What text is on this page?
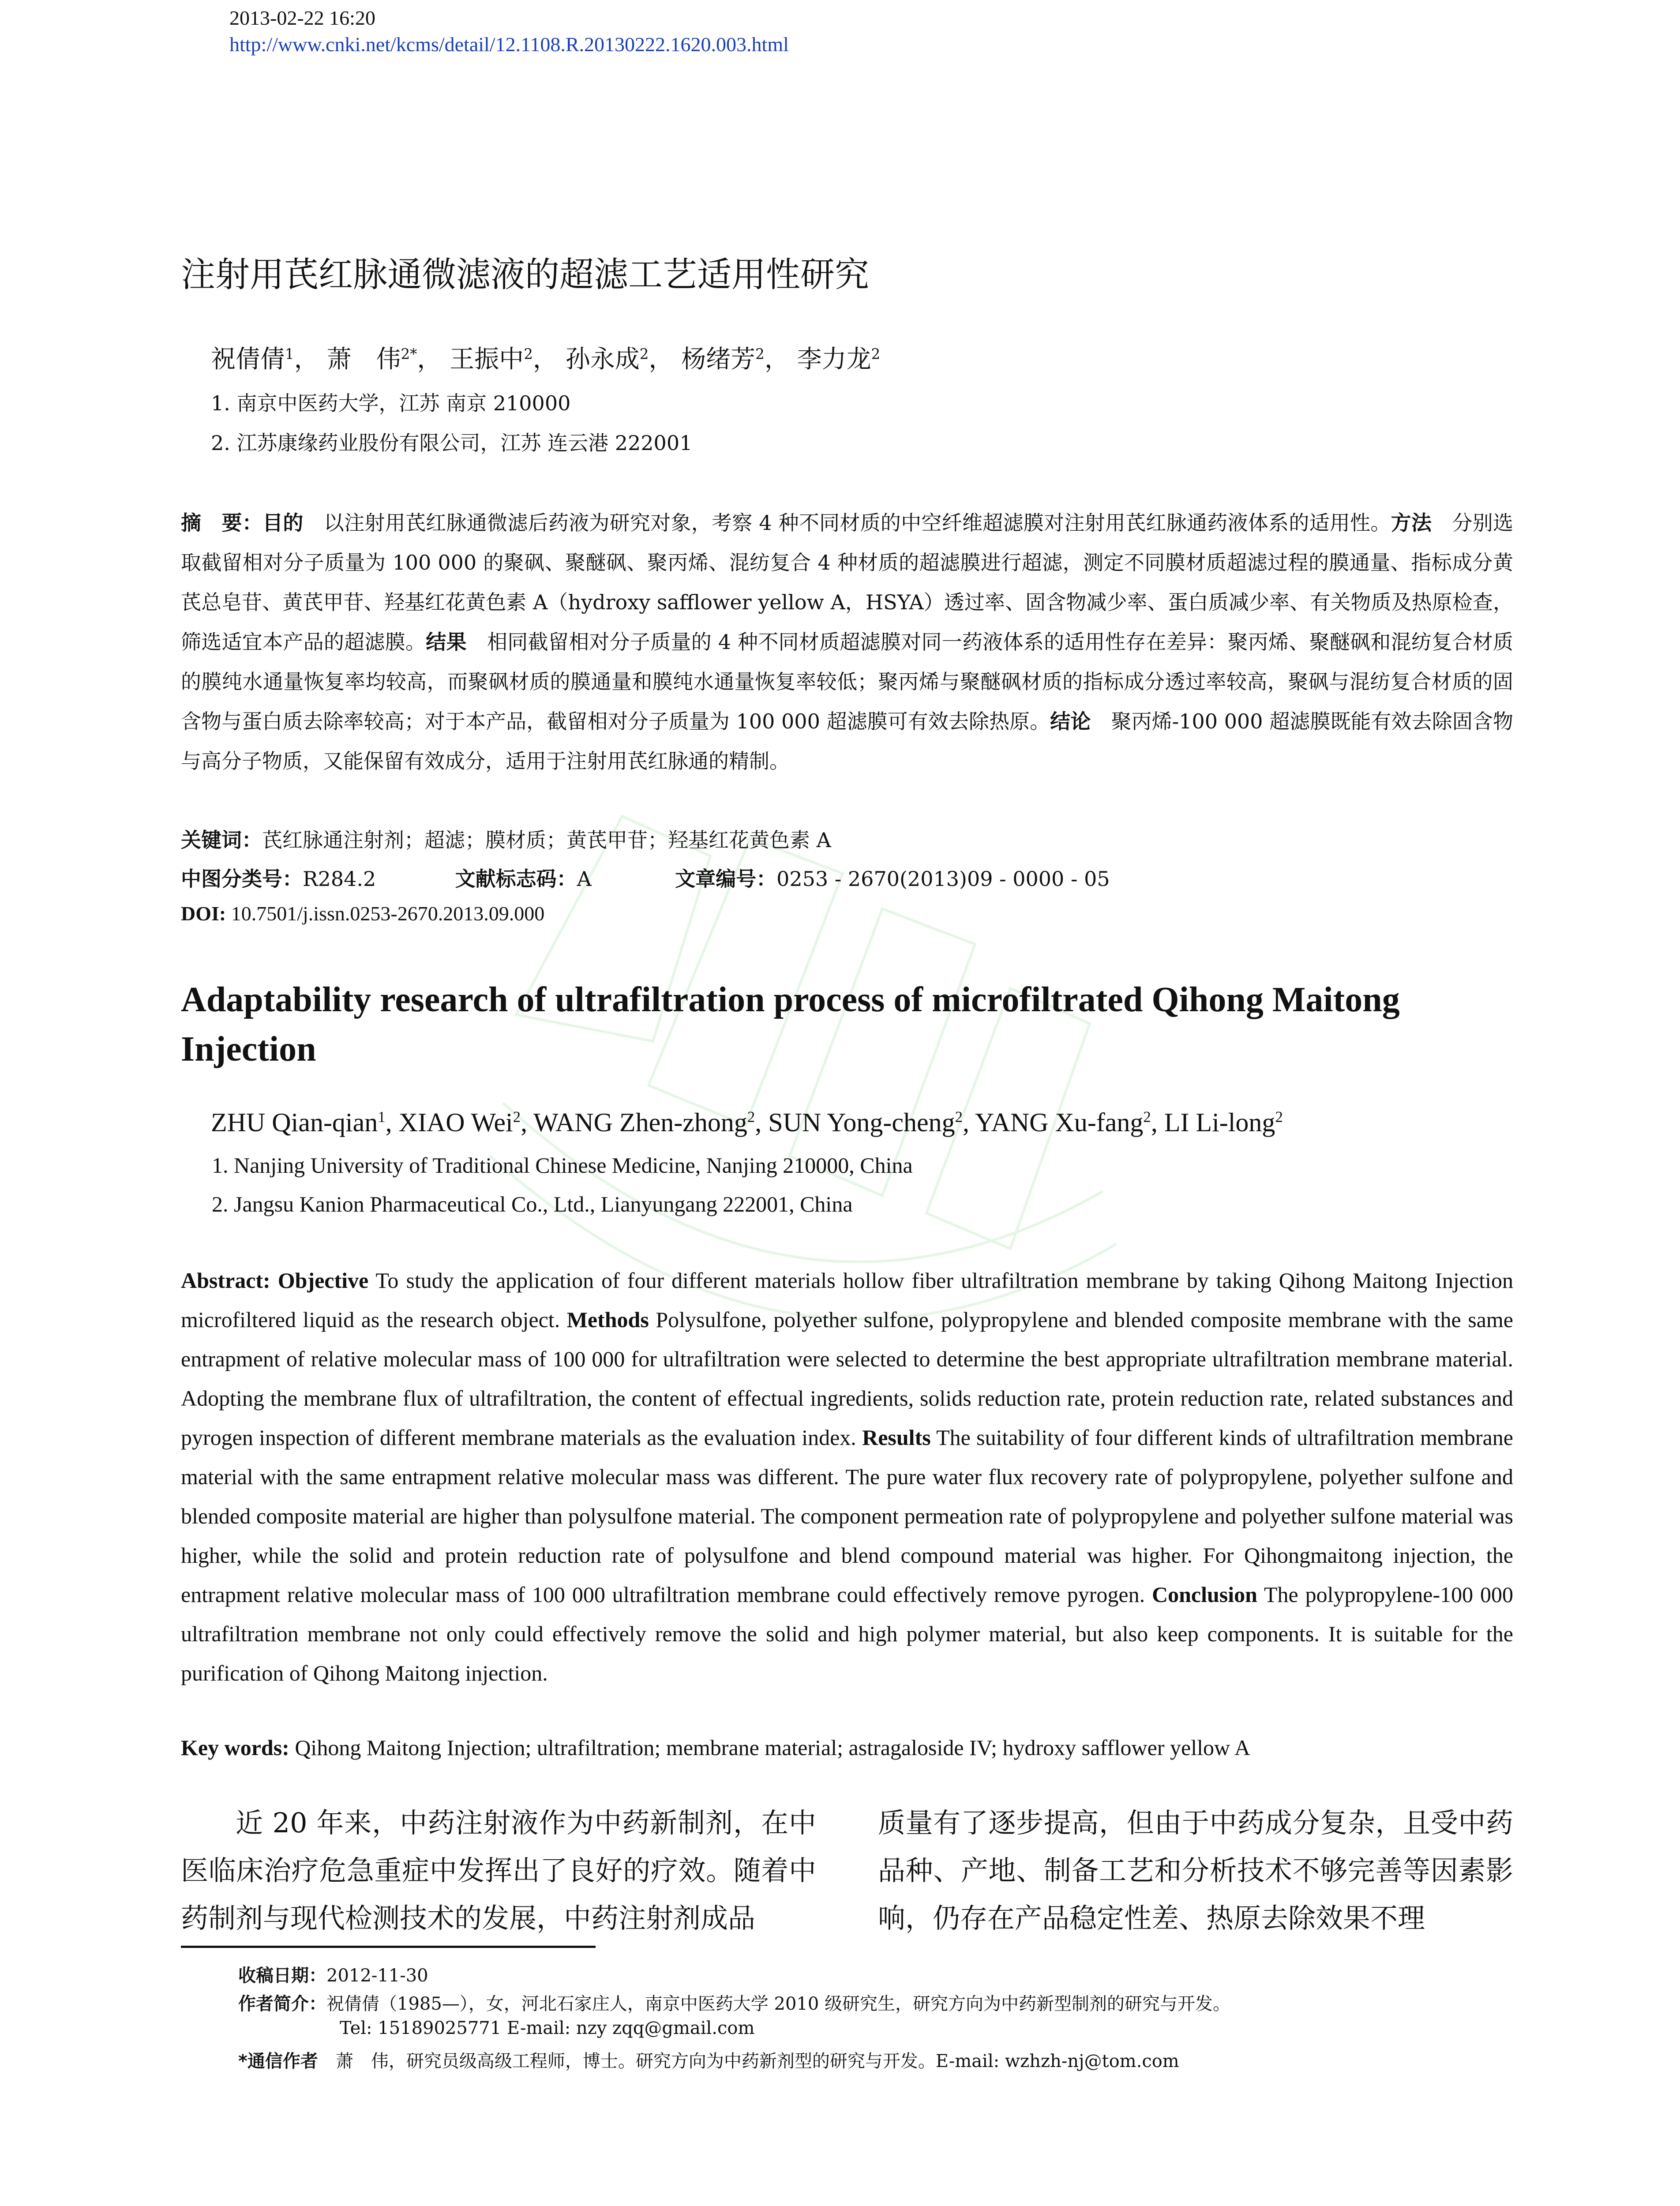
2013-02-22 16:20
http://www.cnki.net/kcms/detail/12.1108.R.20130222.1620.003.html
注射用芪红脉通微滤液的超滤工艺适用性研究
祝倩倩$^1$， 萧　伟$^{2*}$， 王振中$^2$， 孙永成$^2$， 杨绪芳$^2$， 李力龙$^2$
1. 南京中医药大学，江苏 南京 210000
2. 江苏康缘药业股份有限公司，江苏 连云港 222001
摘　要：目的　以注射用芪红脉通微滤后药液为研究对象，考察 4 种不同材质的中空纤维超滤膜对注射用芪红脉通药液体系的适用性。方法　分别选取截留相对分子质量为 100 000 的聚砜、聚醚砜、聚丙烯、混纺复合 4 种材质的超滤膜进行超滤，测定不同膜材质超滤过程的膜通量、指标成分黄芪总皂苷、黄芪甲苷、羟基红花黄色素 A（hydroxy safflower yellow A，HSYA）透过率、固含物减少率、蛋白质减少率、有关物质及热原检查，筛选适宜本产品的超滤膜。结果　相同截留相对分子质量的 4 种不同材质超滤膜对同一药液体系的适用性存在差异：聚丙烯、聚醚砜和混纺复合材质的膜纯水通量恢复率均较高，而聚砜材质的膜通量和膜纯水通量恢复率较低；聚丙烯与聚醚砜材质的指标成分透过率较高，聚砜与混纺复合材质的固含物与蛋白质去除率较高；对于本产品，截留相对分子质量为 100 000 超滤膜可有效去除热原。结论　聚丙烯-100 000 超滤膜既能有效去除固含物与高分子物质，又能保留有效成分，适用于注射用芪红脉通的精制。
关键词：芪红脉通注射剂；超滤；膜材质；黄芪甲苷；羟基红花黄色素 A
中图分类号：R284.2	文献标志码：A	文章编号：0253 - 2670(2013)09 - 0000 - 05
DOI: 10.7501/j.issn.0253-2670.2013.09.000
Adaptability research of ultrafiltration process of microfiltrated Qihong Maitong Injection
ZHU Qian-qian$^1$, XIAO Wei$^2$, WANG Zhen-zhong$^2$, SUN Yong-cheng$^2$, YANG Xu-fang$^2$, LI Li-long$^2$
1. Nanjing University of Traditional Chinese Medicine, Nanjing 210000, China
2. Jangsu Kanion Pharmaceutical Co., Ltd., Lianyungang 222001, China
Abstract: Objective To study the application of four different materials hollow fiber ultrafiltration membrane by taking Qihong Maitong Injection microfiltered liquid as the research object. Methods Polysulfone, polyether sulfone, polypropylene and blended composite membrane with the same entrapment of relative molecular mass of 100 000 for ultrafiltration were selected to determine the best appropriate ultrafiltration membrane material. Adopting the membrane flux of ultrafiltration, the content of effectual ingredients, solids reduction rate, protein reduction rate, related substances and pyrogen inspection of different membrane materials as the evaluation index. Results The suitability of four different kinds of ultrafiltration membrane material with the same entrapment relative molecular mass was different. The pure water flux recovery rate of polypropylene, polyether sulfone and blended composite material are higher than polysulfone material. The component permeation rate of polypropylene and polyether sulfone material was higher, while the solid and protein reduction rate of polysulfone and blend compound material was higher. For Qihongmaitong injection, the entrapment relative molecular mass of 100 000 ultrafiltration membrane could effectively remove pyrogen. Conclusion The polypropylene-100 000 ultrafiltration membrane not only could effectively remove the solid and high polymer material, but also keep components. It is suitable for the purification of Qihong Maitong injection.
Key words: Qihong Maitong Injection; ultrafiltration; membrane material; astragaloside IV; hydroxy safflower yellow A
近 20 年来，中药注射液作为中药新制剂，在中医临床治疗危急重症中发挥出了良好的疗效。随着中药制剂与现代检测技术的发展，中药注射剂成品
质量有了逐步提高，但由于中药成分复杂，且受中药品种、产地、制备工艺和分析技术不够完善等因素影响，仍存在产品稳定性差、热原去除效果不理
收稿日期：2012-11-30
作者简介：祝倩倩（1985—），女，河北石家庄人，南京中医药大学 2010 级研究生，研究方向为中药新型制剂的研究与开发。
Tel: 15189025771 E-mail: nzy zqq@gmail.com
*通信作者　萧　伟，研究员级高级工程师，博士。研究方向为中药新剂型的研究与开发。E-mail: wzhzh-nj@tom.com
